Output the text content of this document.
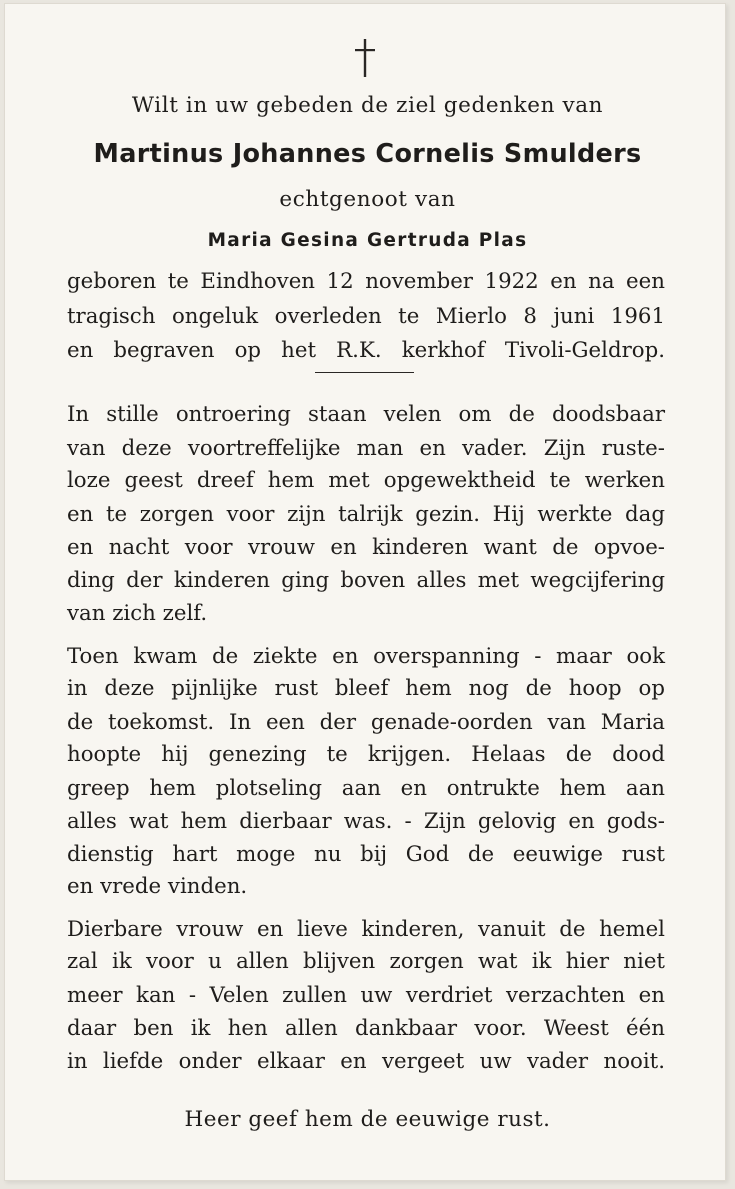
Wilt in uw gebeden de ziel gedenken van
Martinus Johannes Cornelis Smulders
echtgenoot van
Maria Gesina Gertruda Plas
geboren te Eindhoven 12 november 1922 en na een
tragisch ongeluk overleden te Mierlo 8 juni 1961
en begraven op het R.K. kerkhof Tivoli-Geldrop.
In stille ontroering staan velen om de doodsbaar
van deze voortreffelijke man en vader. Zijn ruste-
loze geest dreef hem met opgewektheid te werken
en te zorgen voor zijn talrijk gezin. Hij werkte dag
en nacht voor vrouw en kinderen want de opvoe-
ding der kinderen ging boven alles met wegcijfering
van zich zelf.
Toen kwam de ziekte en overspanning - maar ook
in deze pijnlijke rust bleef hem nog de hoop op
de toekomst. In een der genade-oorden van Maria
hoopte hij genezing te krijgen. Helaas de dood
greep hem plotseling aan en ontrukte hem aan
alles wat hem dierbaar was. - Zijn gelovig en gods-
dienstig hart moge nu bij God de eeuwige rust
en vrede vinden.
Dierbare vrouw en lieve kinderen, vanuit de hemel
zal ik voor u allen blijven zorgen wat ik hier niet
meer kan - Velen zullen uw verdriet verzachten en
daar ben ik hen allen dankbaar voor. Weest één
in liefde onder elkaar en vergeet uw vader nooit.
Heer geef hem de eeuwige rust.
